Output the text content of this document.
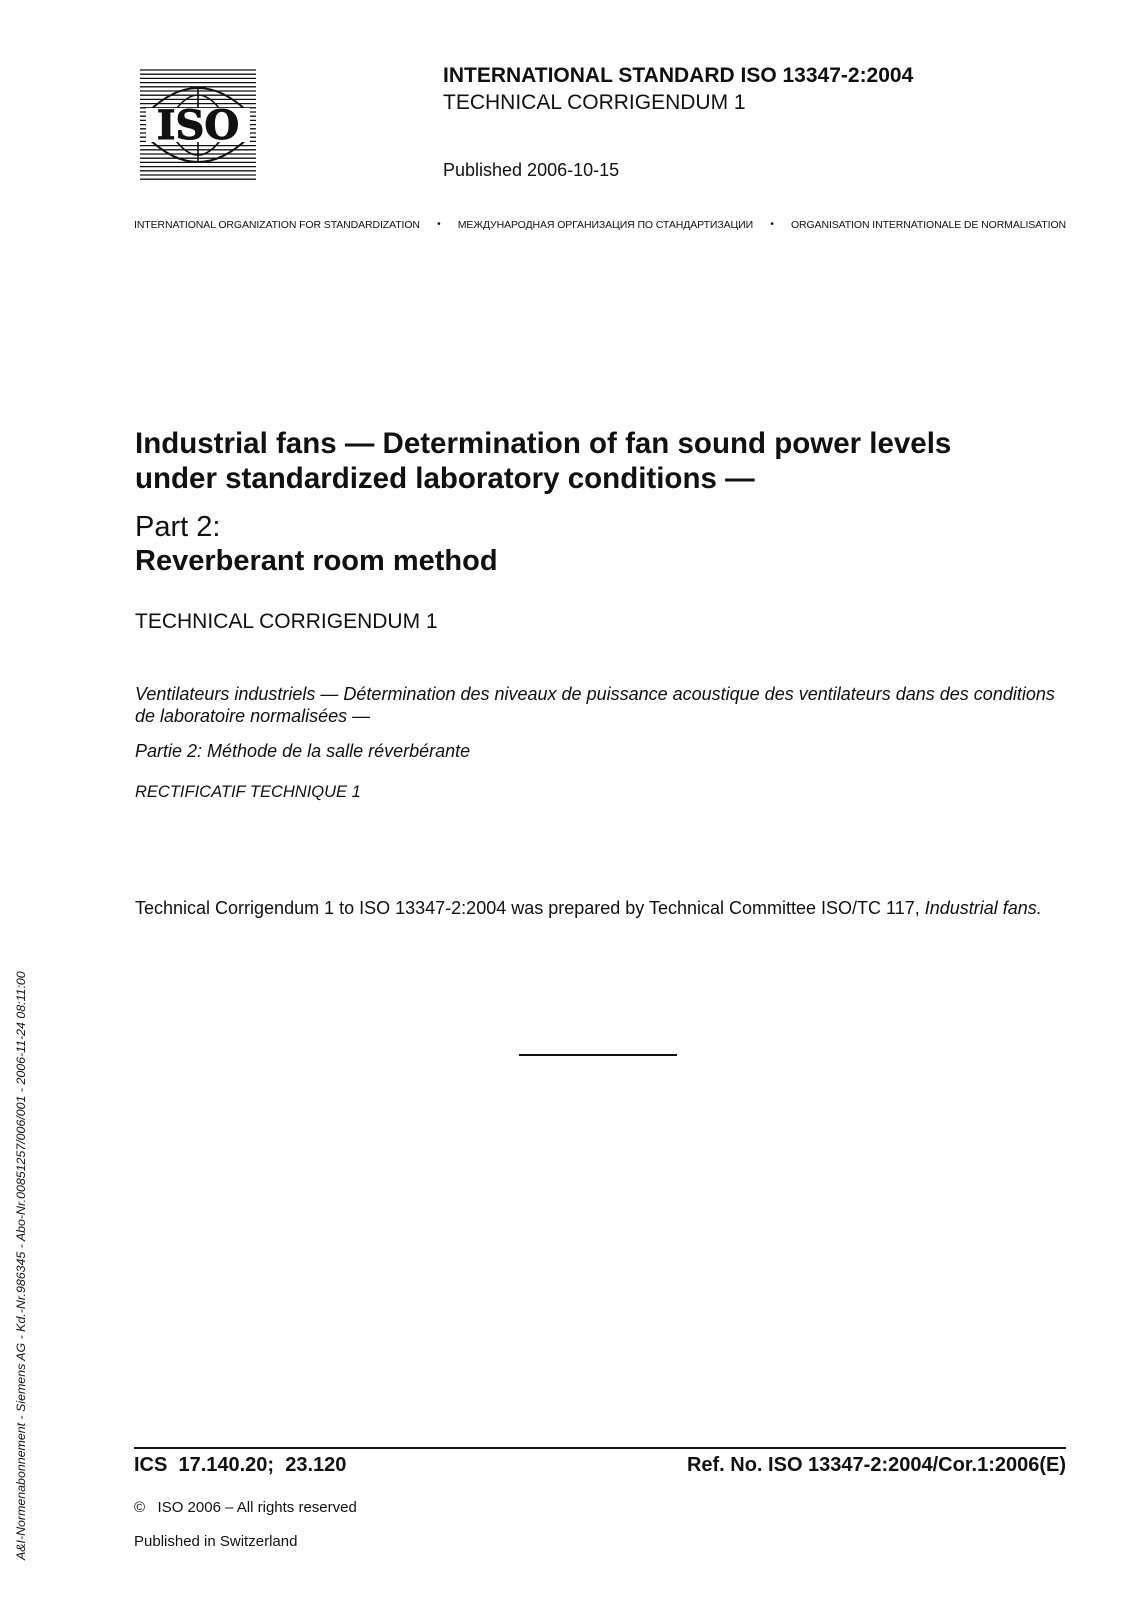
ISO
INTERNATIONAL STANDARD ISO 13347-2:2004
TECHNICAL CORRIGENDUM 1
Published 2006-10-15
INTERNATIONAL ORGANIZATION FOR STANDARDIZATION • МЕЖДУНАРОДНАЯ ОРГАНИЗАЦИЯ ПО СТАНДАРТИЗАЦИИ • ORGANISATION INTERNATIONALE DE NORMALISATION
Industrial fans — Determination of fan sound power levels
under standardized laboratory conditions —
Part 2:
Reverberant room method
TECHNICAL CORRIGENDUM 1
Ventilateurs industriels — Détermination des niveaux de puissance acoustique des ventilateurs dans des conditions de laboratoire normalisées —
Partie 2: Méthode de la salle réverbérante
RECTIFICATIF TECHNIQUE 1
Technical Corrigendum 1 to ISO 13347-2:2004 was prepared by Technical Committee ISO/TC 117, Industrial fans.
A&I-Normenabonnement - Siemens AG - Kd.-Nr.986345 - Abo-Nr.00851257/006/001 - 2006-11-24 08:11:00	ICS  17.140.20;  23.120	Ref. No. ISO 13347-2:2004/Cor.1:2006(E)
©   ISO 2006 – All rights reserved
Published in Switzerland
